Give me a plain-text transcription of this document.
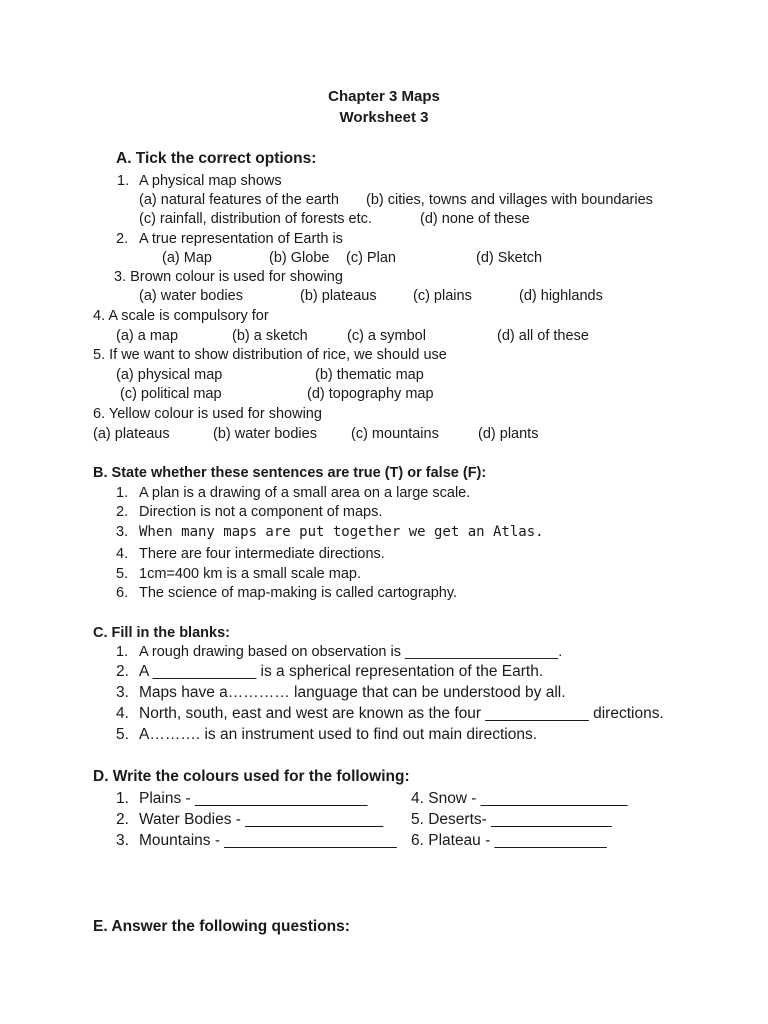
Chapter 3 Maps
Worksheet 3
A. Tick the correct options:
1. A physical map shows
(a) natural features of the earth (b) cities, towns and villages with boundaries
(c) rainfall, distribution of forests etc.	(d) none of these
2. A true representation of Earth is
(a) Map	(b) Globe (c) Plan	(d) Sketch
3. Brown colour is used for showing
(a) water bodies	(b) plateaus	(c) plains	(d) highlands
4. A scale is compulsory for
(a) a map	(b) a sketch	(c) a symbol	(d) all of these
5. If we want to show distribution of rice, we should use
(a) physical map	(b) thematic map
(c) political map	(d) topography map
6. Yellow colour is used for showing
(a) plateaus	(b) water bodies (c) mountains	(d) plants
B. State whether these sentences are true (T) or false (F):
1. A plan is a drawing of a small area on a large scale.
2. Direction is not a component of maps.
3. When many maps are put together we get an Atlas.
4. There are four intermediate directions.
5. 1cm=400 km is a small scale map.
6. The science of map-making is called cartography.
C. Fill in the blanks:
1. A rough drawing based on observation is ___________________.
2. A ____________ is a spherical representation of the Earth.
3. Maps have a………… language that can be understood by all.
4. North, south, east and west are known as the four ____________ directions.
5. A………. is an instrument used to find out main directions.
D. Write the colours used for the following:
1. Plains - ____________________
2. Water Bodies - ________________
3. Mountains - ____________________
4. Snow - _________________
5. Deserts- ______________
6. Plateau - _____________
E. Answer the following questions:
